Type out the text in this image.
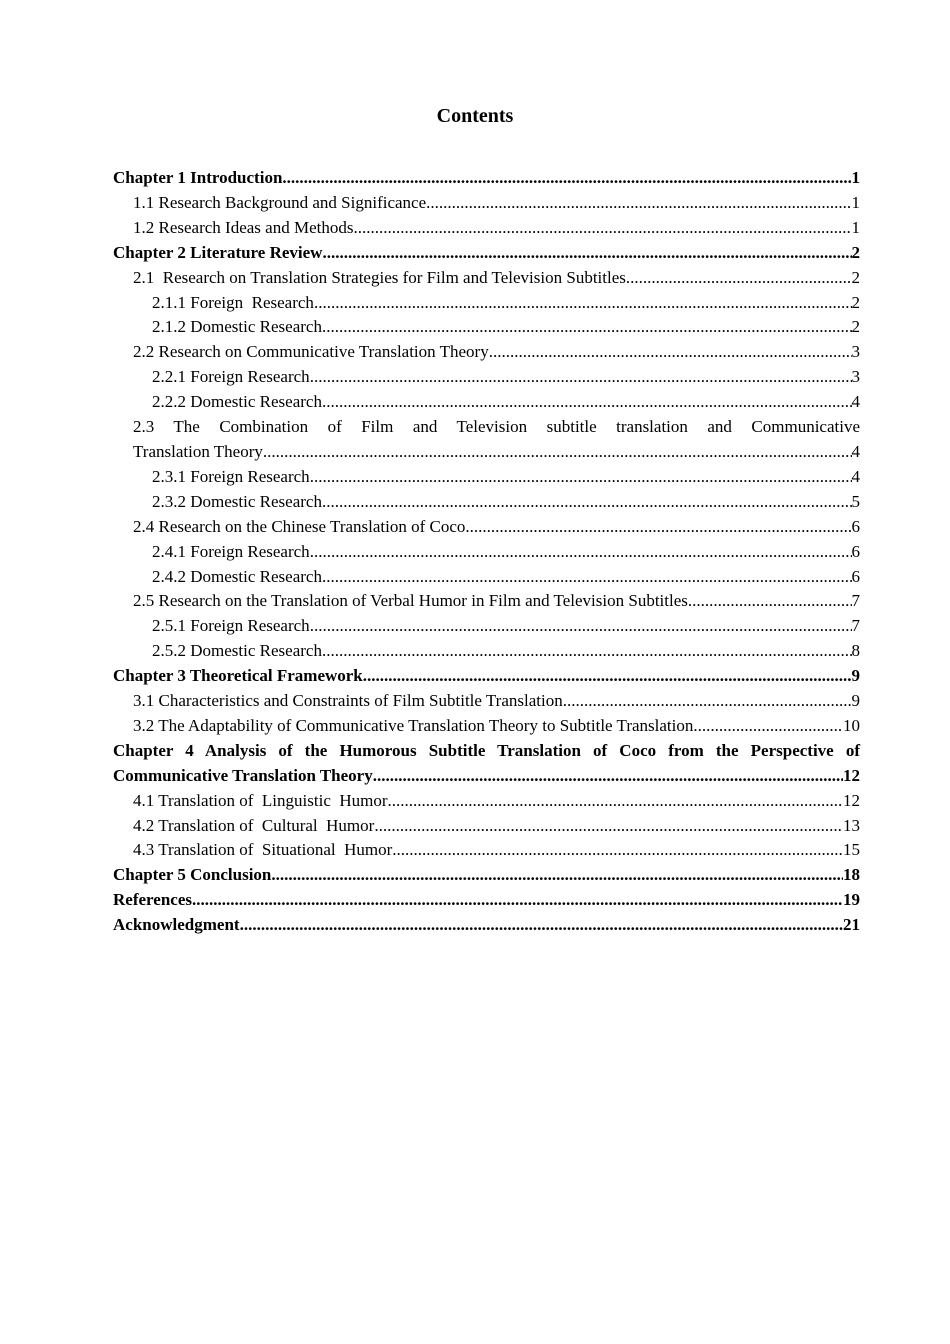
Contents
Chapter 1 Introduction .....	1
1.1 Research Background and Significance .....	1
1.2 Research Ideas and Methods .....	1
Chapter 2 Literature Review .....	2
2.1  Research on Translation Strategies for Film and Television Subtitles .....	2
2.1.1 Foreign  Research .....	2
2.1.2 Domestic Research .....	2
2.2 Research on Communicative Translation Theory .....	3
2.2.1 Foreign Research .....	3
2.2.2 Domestic Research .....	4
2.3 The Combination of Film and Television subtitle translation and Communicative
Translation Theory .....	4
2.3.1 Foreign Research .....	4
2.3.2 Domestic Research .....	5
2.4 Research on the Chinese Translation of Coco .....	6
2.4.1 Foreign Research .....	6
2.4.2 Domestic Research .....	6
2.5 Research on the Translation of Verbal Humor in Film and Television Subtitles .....	7
2.5.1 Foreign Research .....	7
2.5.2 Domestic Research .....	8
Chapter 3 Theoretical Framework .....	9
3.1 Characteristics and Constraints of Film Subtitle Translation .....	9
3.2 The Adaptability of Communicative Translation Theory to Subtitle Translation .....	10
Chapter 4 Analysis of the Humorous Subtitle Translation of Coco from the Perspective of
Communicative Translation Theory .....	12
4.1 Translation of  Linguistic  Humor .....	12
4.2 Translation of  Cultural  Humor .....	13
4.3 Translation of  Situational  Humor .....	15
Chapter 5 Conclusion .....	18
References .....	19
Acknowledgment .....	21
